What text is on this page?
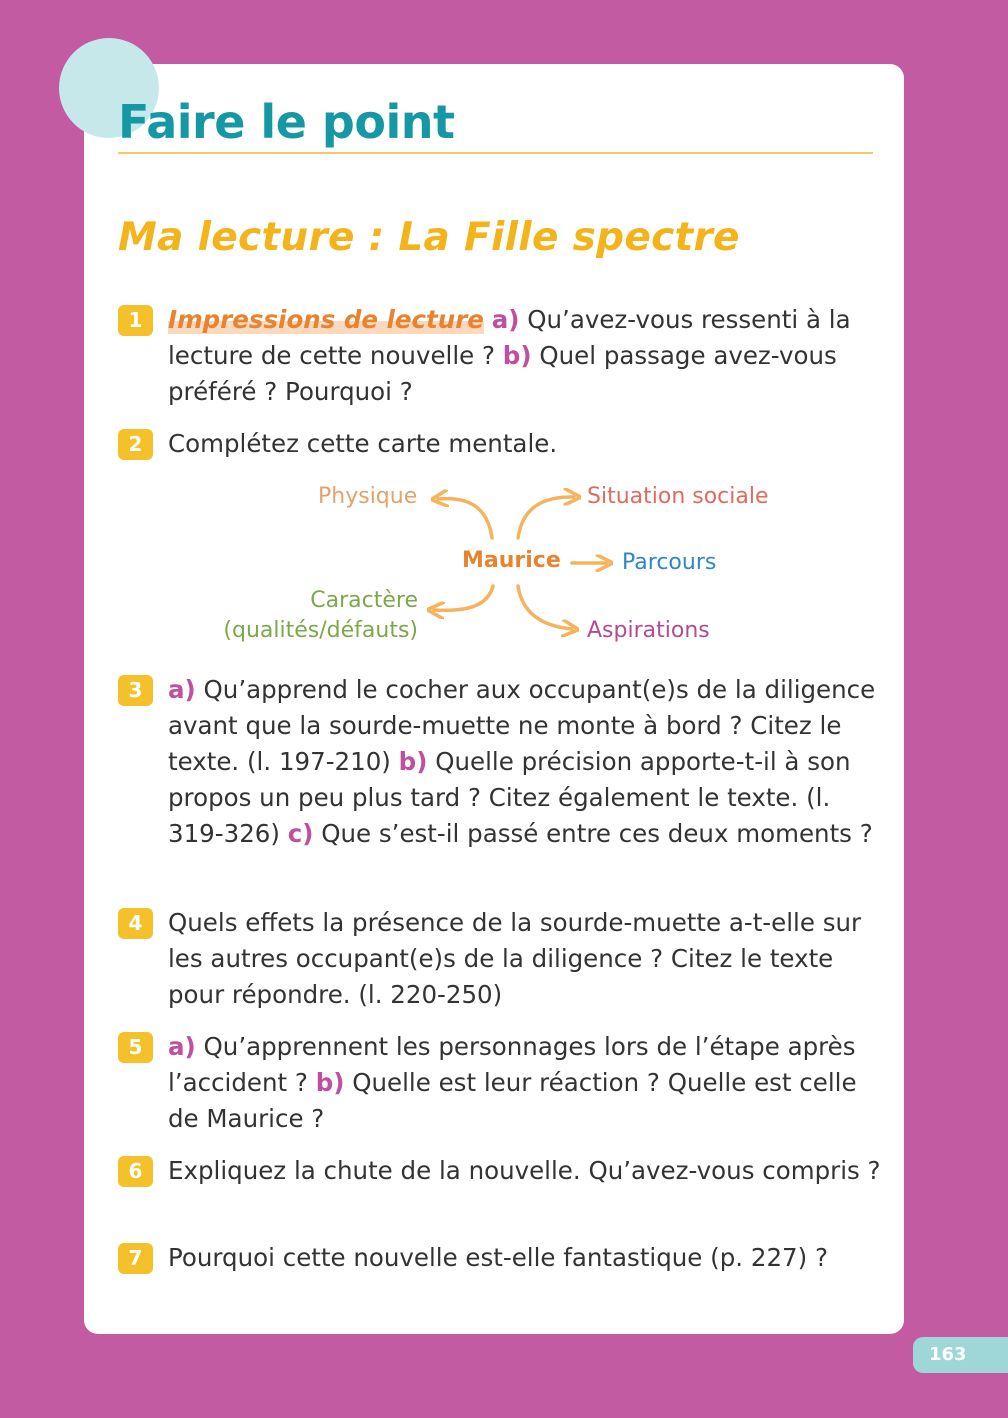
Faire le point
Ma lecture : La Fille spectre
1	Impressions de lecture a) Qu’avez-vous ressenti à la lecture de cette nouvelle ? b) Quel passage avez-vous préféré ? Pourquoi ?
2	Complétez cette carte mentale.
Physique	Situation sociale
Maurice	Parcours
Caractère
(qualités/défauts)	Aspirations
3	a) Qu’apprend le cocher aux occupant(e)s de la diligence avant que la sourde-muette ne monte à bord ? Citez le texte. (l. 197-210) b) Quelle précision apporte-t-il à son propos un peu plus tard ? Citez également le texte. (l. 319-326) c) Que s’est-il passé entre ces deux moments ?
4	Quels effets la présence de la sourde-muette a-t-elle sur les autres occupant(e)s de la diligence ? Citez le texte pour répondre. (l. 220-250)
5	a) Qu’apprennent les personnages lors de l’étape après l’accident ? b) Quelle est leur réaction ? Quelle est celle de Maurice ?
6	Expliquez la chute de la nouvelle. Qu’avez-vous compris ?
7	Pourquoi cette nouvelle est-elle fantastique (p. 227) ?
163
